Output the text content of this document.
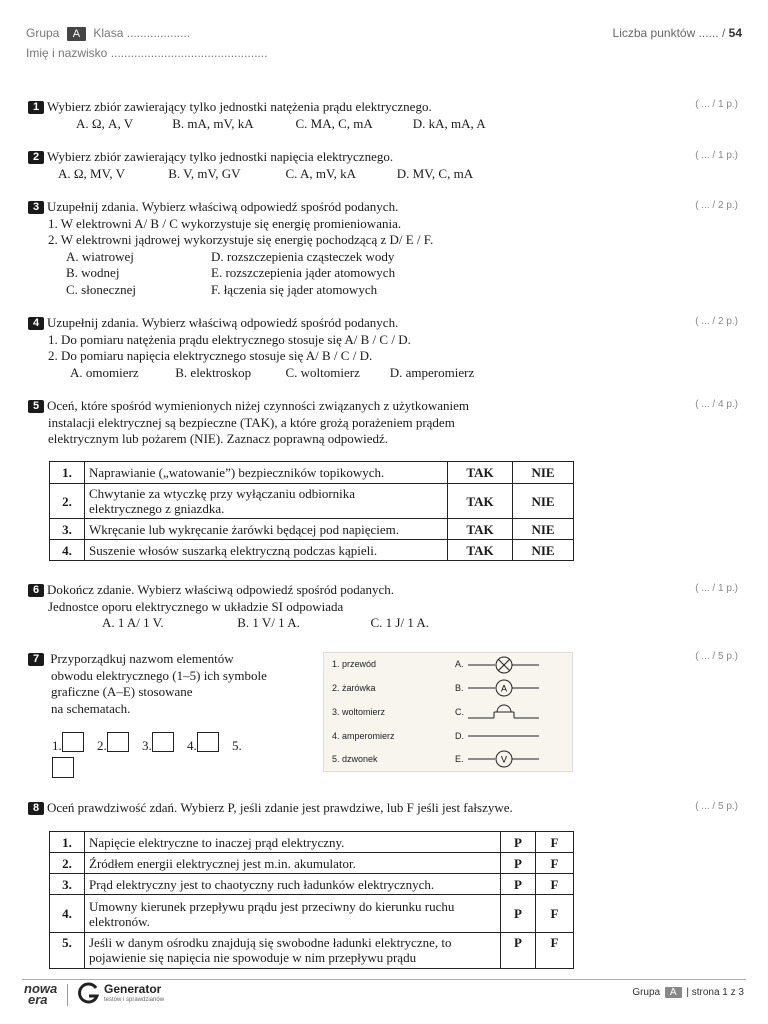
Grupa A Klasa ...................
Imię i nazwisko ...............................................
Liczba punktów ...... / 54
1 Wybierz zbiór zawierający tylko jednostki natężenia prądu elektrycznego.
A. Ω, A, V	B. mA, mV, kA	C. MA, C, mA	D. kA, mA, A
( ... / 1 p.)
2 Wybierz zbiór zawierający tylko jednostki napięcia elektrycznego.
A. Ω, MV, V	B. V, mV, GV	C. A, mV, kA	D. MV, C, mA
( ... / 1 p.)
3 Uzupełnij zdania. Wybierz właściwą odpowiedź spośród podanych.
1. W elektrowni A/ B / C wykorzystuje się energię promieniowania.
2. W elektrowni jądrowej wykorzystuje się energię pochodzącą z D/ E / F.
A. wiatrowej	D. rozszczepienia cząsteczek wody
B. wodnej	E. rozszczepienia jąder atomowych
C. słonecznej	F. łączenia się jąder atomowych
( ... / 2 p.)
4 Uzupełnij zdania. Wybierz właściwą odpowiedź spośród podanych.
1. Do pomiaru natężenia prądu elektrycznego stosuje się A/ B / C / D.
2. Do pomiaru napięcia elektrycznego stosuje się A/ B / C / D.
A. omomierz	B. elektroskop	C. woltomierz D. amperomierz
( ... / 2 p.)
5 Oceń, które spośród wymienionych niżej czynności związanych z użytkowaniem
instalacji elektrycznej są bezpieczne (TAK), a które grożą porażeniem prądem
elektrycznym lub pożarem (NIE). Zaznacz poprawną odpowiedź.
( ... / 4 p.)
1.	Naprawianie („watowanie”) bezpieczników topikowych.	TAK	NIE
2.	Chwytanie za wtyczkę przy wyłączaniu odbiornika
elektrycznego z gniazdka.	TAK	NIE
3.	Wkręcanie lub wykręcanie żarówki będącej pod napięciem.	TAK	NIE
4.	Suszenie włosów suszarką elektryczną podczas kąpieli.	TAK	NIE
6 Dokończ zdanie. Wybierz właściwą odpowiedź spośród podanych.
Jednostce oporu elektrycznego w układzie SI odpowiada
A. 1 A/ 1 V.	B. 1 V/ 1 A.	C. 1 J/ 1 A.
( ... / 1 p.)
7 Przyporządkuj nazwom elementów
obwodu elektrycznego (1–5) ich symbole
graficzne (A–E) stosowane
na schematach.
( ... / 5 p.)
1.	2.	3.	4.	5.
1. przewód
2. żarówka
3. woltomierz
4. amperomierz
5. dzwonek
A.
B.
C.
D.
E.
A
V
8 Oceń prawdziwość zdań. Wybierz P, jeśli zdanie jest prawdziwe, lub F jeśli jest fałszywe.	( ... / 5 p.)
1.	Napięcie elektryczne to inaczej prąd elektryczny.	P	F
2.	Źródłem energii elektrycznej jest m.in. akumulator.	P	F
3.	Prąd elektryczny jest to chaotyczny ruch ładunków elektrycznych.	P	F
4.	Umowny kierunek przepływu prądu jest przeciwny do kierunku ruchu
elektronów.	P	F
5.	Jeśli w danym ośrodku znajdują się swobodne ładunki elektryczne, to
pojawienie się napięcia nie spowoduje w nim przepływu prądu	P	F
nowa
era
Generator
testów i sprawdzianów
Grupa A | strona 1 z 3
